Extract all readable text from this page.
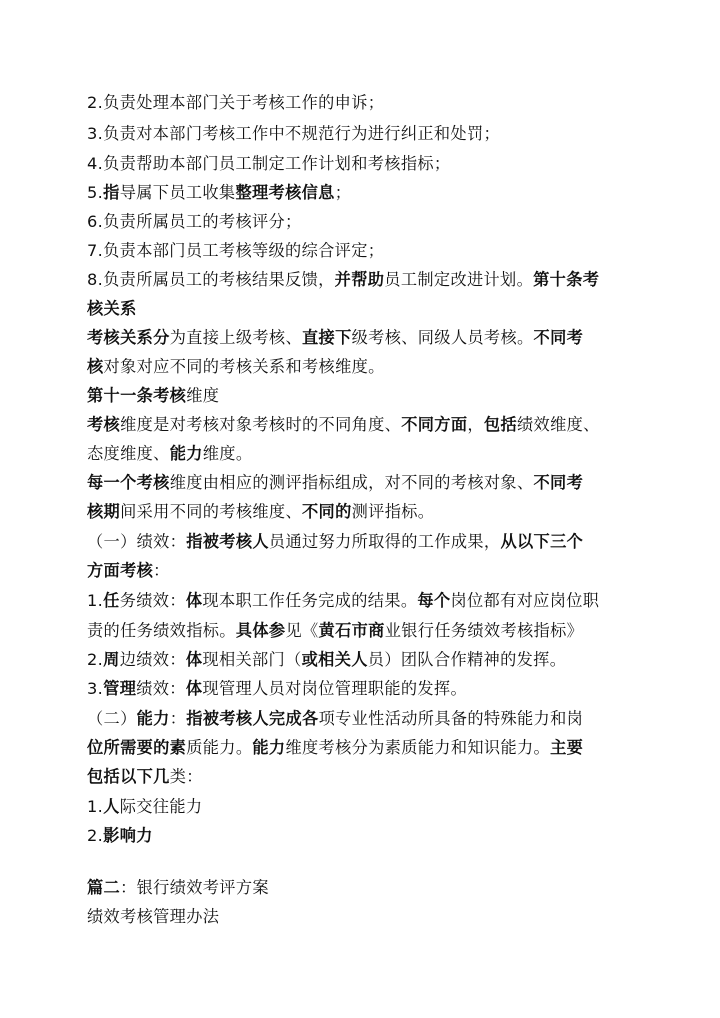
2.负责处理本部门关于考核工作的申诉；
3.负责对本部门考核工作中不规范行为进行纠正和处罚；
4.负责帮助本部门员工制定工作计划和考核指标；
5.指导属下员工收集整理考核信息；
6.负责所属员工的考核评分；
7.负责本部门员工考核等级的综合评定；
8.负责所属员工的考核结果反馈，并帮助员工制定改进计划。第十条考
核关系
考核关系分为直接上级考核、直接下级考核、同级人员考核。不同考
核对象对应不同的考核关系和考核维度。
第十一条考核维度
考核维度是对考核对象考核时的不同角度、不同方面，包括绩效维度、
态度维度、能力维度。
每一个考核维度由相应的测评指标组成，对不同的考核对象、不同考
核期间采用不同的考核维度、不同的测评指标。
（一）绩效：指被考核人员通过努力所取得的工作成果，从以下三个
方面考核：
1.任务绩效：体现本职工作任务完成的结果。每个岗位都有对应岗位职
责的任务绩效指标。具体参见《黄石市商业银行任务绩效考核指标》
2.周边绩效：体现相关部门（或相关人员）团队合作精神的发挥。
3.管理绩效：体现管理人员对岗位管理职能的发挥。
（二）能力：指被考核人完成各项专业性活动所具备的特殊能力和岗
位所需要的素质能力。能力维度考核分为素质能力和知识能力。主要
包括以下几类：
1.人际交往能力
2.影响力
篇二：银行绩效考评方案
绩效考核管理办法
